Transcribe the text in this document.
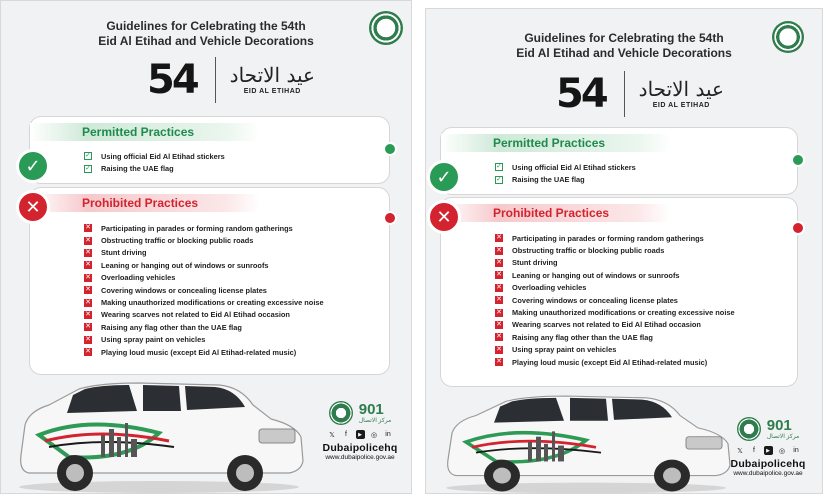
Guidelines for Celebrating the 54th
Eid Al Etihad and Vehicle Decorations
54 عيد الاتحاد
EID AL ETIHAD
Permitted Practices
✓	✓ Using official Eid Al Etihad stickers
✓ Raising the UAE flag
Prohibited Practices
✕
✕ Participating in parades or forming random gatherings
✕ Obstructing traffic or blocking public roads
✕ Stunt driving
✕ Leaning or hanging out of windows or sunroofs
✕ Overloading vehicles
✕ Covering windows or concealing license plates
✕ Making unauthorized modifications or creating excessive noise
✕ Wearing scarves not related to Eid Al Etihad occasion
✕ Raising any flag other than the UAE flag
✕ Using spray paint on vehicles
✕ Playing loud music (except Eid Al Etihad-related music)
901
مركز الاتصال
𝕏	f	▶	◎ in
Dubaipolicehq
www.dubaipolice.gov.ae
Guidelines for Celebrating the 54th
Eid Al Etihad and Vehicle Decorations
54 عيد الاتحاد
EID AL ETIHAD
Permitted Practices
✓	✓ Using official Eid Al Etihad stickers
✓ Raising the UAE flag
Prohibited Practices
✕
✕ Participating in parades or forming random gatherings
✕ Obstructing traffic or blocking public roads
✕ Stunt driving
✕ Leaning or hanging out of windows or sunroofs
✕ Overloading vehicles
✕ Covering windows or concealing license plates
✕ Making unauthorized modifications or creating excessive noise
✕ Wearing scarves not related to Eid Al Etihad occasion
✕ Raising any flag other than the UAE flag
✕ Using spray paint on vehicles
✕ Playing loud music (except Eid Al Etihad-related music)
901
مركز الاتصال
𝕏	f	▶	◎ in
Dubaipolicehq
www.dubaipolice.gov.ae
